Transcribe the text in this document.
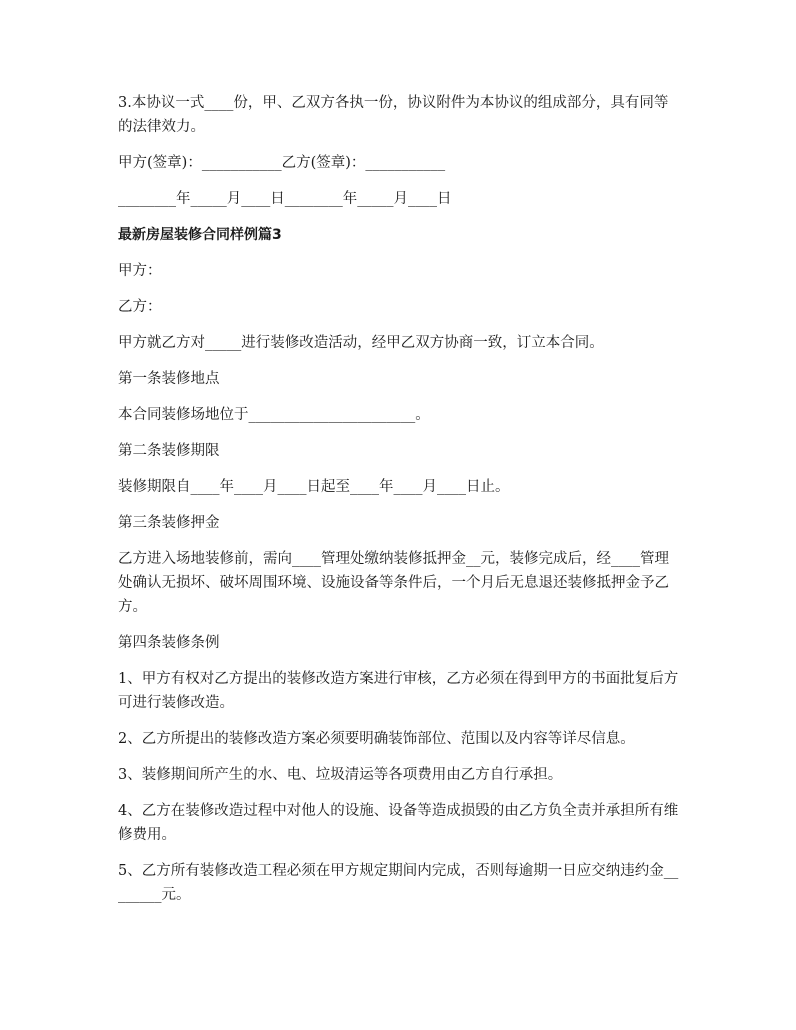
3.本协议一式____份，甲、乙双方各执一份，协议附件为本协议的组成部分，具有同等的法律效力。

甲方(签章)：___________乙方(签章)：___________

________年_____月____日________年_____月____日

最新房屋装修合同样例篇3

甲方：

乙方：

甲方就乙方对_____进行装修改造活动，经甲乙双方协商一致，订立本合同。

第一条装修地点

本合同装修场地位于_______________________。

第二条装修期限

装修期限自____年____月____日起至____年____月____日止。

第三条装修押金

乙方进入场地装修前，需向____管理处缴纳装修抵押金__元，装修完成后，经____管理处确认无损坏、破坏周围环境、设施设备等条件后，一个月后无息退还装修抵押金予乙方。

第四条装修条例

1、甲方有权对乙方提出的装修改造方案进行审核，乙方必须在得到甲方的书面批复后方可进行装修改造。

2、乙方所提出的装修改造方案必须要明确装饰部位、范围以及内容等详尽信息。

3、装修期间所产生的水、电、垃圾清运等各项费用由乙方自行承担。

4、乙方在装修改造过程中对他人的设施、设备等造成损毁的由乙方负全责并承担所有维修费用。

5、乙方所有装修改造工程必须在甲方规定期间内完成，否则每逾期一日应交纳违约金________元。
